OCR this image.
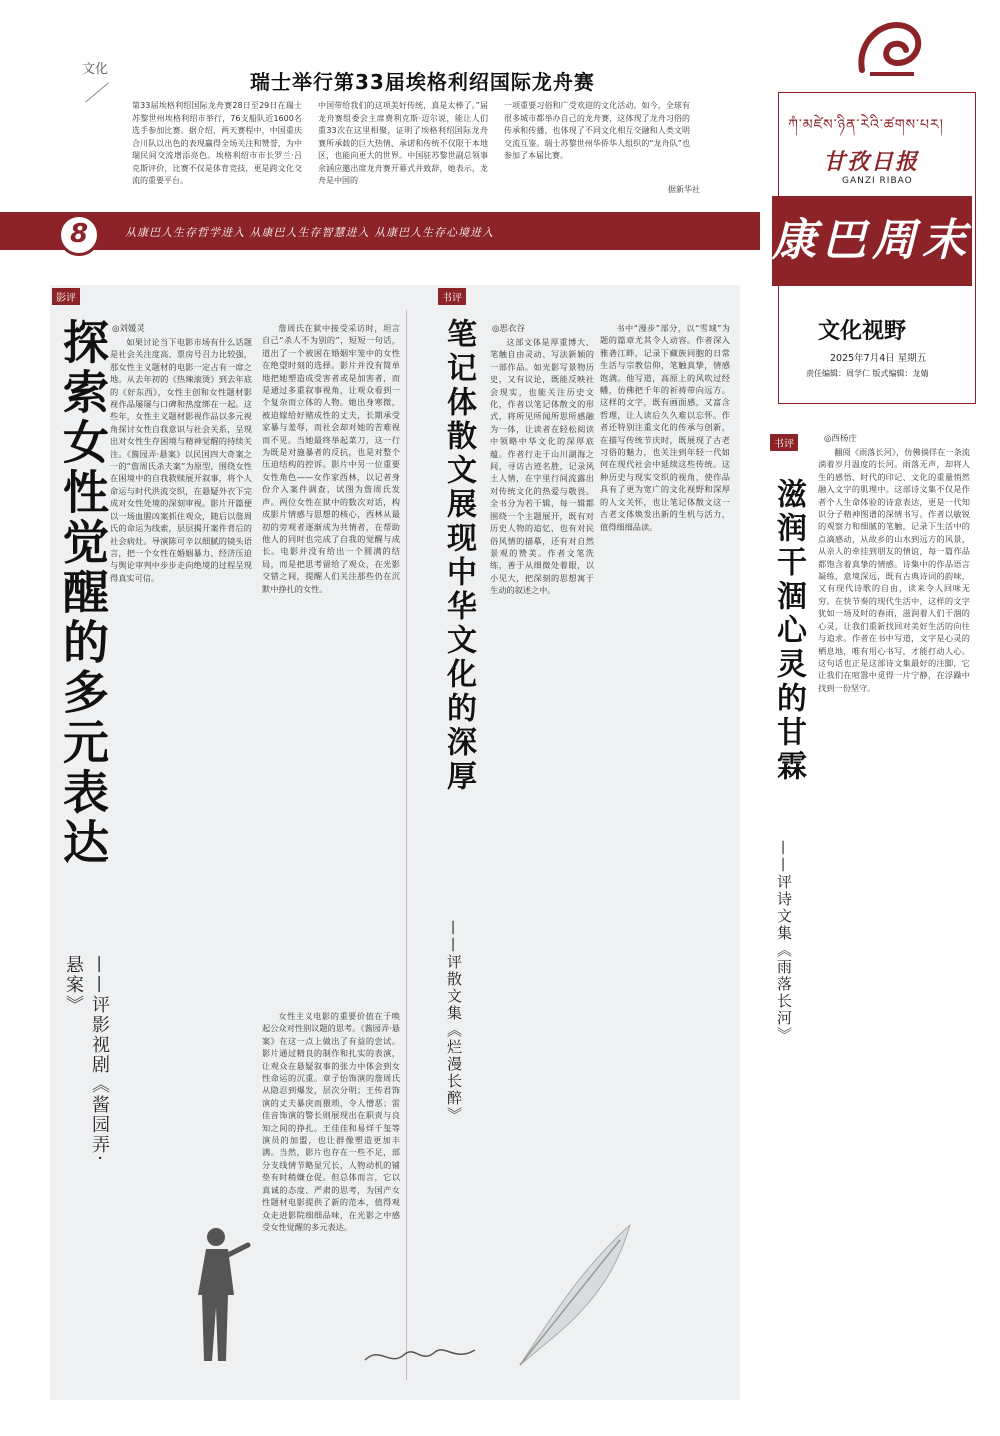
文化
瑞士举行第33届埃格利绍国际龙舟赛
第33届埃格利绍国际龙舟赛28日至29日在瑞士苏黎世州埃格利绍市举行，76支船队近1600名选手参加比赛。据介绍，两天赛程中，中国重庆合川队以出色的表现赢得全场关注和赞誉，为中瑞民间交流增添亮色。埃格利绍市市长罗兰·吕克斯评价，比赛不仅是体育竞技，更是跨文化交流的重要平台。
中国带给我们的这项美好传统，真是太棒了。”届龙舟赛组委会主席费利克斯·迈尔说，能让人们重33次在这里相聚，证明了埃格利绍国际龙舟赛所承载的巨大热情、承诺和传统不仅限于本地区，也能向更大的世界。中国驻苏黎世副总领事余涵应邀出席龙舟赛开幕式并致辞，她表示，龙舟是中国的
一项重要习俗和广受欢迎的文化活动。如今，全球有很多城市都举办自己的龙舟赛，这体现了龙舟习俗的传承和传播，也体现了不同文化相互交融和人类文明交流互鉴。瑞士苏黎世州华侨华人组织的“龙舟队”也参加了本届比赛。
据新华社
ཀཾ་མཛེས་ཉིན་རེའི་ཚགས་པར།
甘孜日报
GANZI RIBAO
康巴周末
文化视野
2025年7月4日 星期五
责任编辑：周学仁 版式编辑：龙婧
8	从康巴人生存哲学进入 从康巴人生存智慧进入 从康巴人生存心境进入
影评
探索女性觉醒的多元表达
——评影视剧《酱园弄·悬案》
◎刘媛灵
如果讨论当下电影市场有什么话题是社会关注度高、票房号召力比较强，那女性主义题材的电影一定占有一席之地。从去年初的《热辣滚烫》到去年底的《好东西》，女性主创和女性题材影视作品屡屡与口碑和热度绑在一起。这些年，女性主义题材影视作品以多元视角探讨女性自我意识与社会关系，呈现出对女性生存困境与精神觉醒的持续关注。《酱园弄·悬案》以民国四大奇案之一的“詹周氏杀夫案”为原型，围绕女性在困境中的自我救赎展开叙事，将个人命运与时代洪流交织，在悬疑外衣下完成对女性处境的深刻审视。影片开篇便以一场血腥凶案抓住观众，随后以詹周氏的命运为线索，层层揭开案件背后的社会病灶。导演陈可辛以细腻的镜头语言，把一个女性在婚姻暴力、经济压迫与舆论审判中步步走向绝境的过程呈现得真实可信。
詹周氏在狱中接受采访时，坦言自己“杀人不为别的”，短短一句话，道出了一个被困在婚姻牢笼中的女性在绝望时刻的选择。影片并没有简单地把她塑造成受害者或是加害者，而是通过多重叙事视角，让观众看到一个复杂而立体的人物。她出身寒微，被迫嫁给好赌成性的丈夫，长期承受家暴与羞辱，而社会却对她的苦难视而不见。当她最终举起菜刀，这一行为既是对施暴者的反抗，也是对整个压迫结构的控诉。影片中另一位重要女性角色——女作家西林，以记者身份介入案件调查，试图为詹周氏发声。两位女性在狱中的数次对话，构成影片情感与思想的核心，西林从最初的旁观者逐渐成为共情者，在帮助他人的同时也完成了自我的觉醒与成长。电影并没有给出一个圆满的结局，而是把思考留给了观众，在光影交错之间，提醒人们关注那些仍在沉默中挣扎的女性。
女性主义电影的重要价值在于唤起公众对性别议题的思考。《酱园弄·悬案》在这一点上做出了有益的尝试。影片通过精良的制作和扎实的表演，让观众在悬疑叙事的张力中体会到女性命运的沉重。章子怡饰演的詹周氏从隐忍到爆发，层次分明；王传君饰演的丈夫暴戾而猥琐，令人憎恶；雷佳音饰演的警长则展现出在职责与良知之间的挣扎。王佳佳和易烊千玺等演员的加盟，也让群像塑造更加丰满。当然，影片也存在一些不足，部分支线情节略显冗长，人物动机的铺垫有时稍嫌仓促。但总体而言，它以真诚的态度、严肃的思考，为国产女性题材电影提供了新的范本，值得观众走进影院细细品味，在光影之中感受女性觉醒的多元表达。
书评
笔记体散文展现中华文化的深厚
——评散文集《烂漫长醉》
◎思衣谷
这部文体是厚重博大、笔触自由灵动、写法新颖的一部作品。如光影写景物历史，又有议论，既能反映社会现实，也能关注历史文化，作者以笔记体散文的形式，将所见所闻所思所感融为一体，让读者在轻松阅读中领略中华文化的深厚底蕴。作者行走于山川湖海之间，寻访古迹名胜，记录风土人情，在字里行间流露出对传统文化的热爱与敬畏。全书分为若干辑，每一辑都围绕一个主题展开，既有对历史人物的追忆，也有对民俗风情的描摹，还有对自然景观的赞美。作者文笔洗练，善于从细微处着眼，以小见大，把深刻的思想寓于生动的叙述之中。
书中“漫步”部分，以“雪域”为题的篇章尤其令人动容。作者深入雅砻江畔，记录下藏族同胞的日常生活与宗教信仰，笔触真挚，情感饱满。他写道，高原上的风吹过经幡，仿佛把千年的祈祷带向远方。这样的文字，既有画面感，又富含哲理，让人读后久久难以忘怀。作者还特别注重文化的传承与创新，在描写传统节庆时，既展现了古老习俗的魅力，也关注到年轻一代如何在现代社会中延续这些传统。这种历史与现实交织的视角，使作品具有了更为宽广的文化视野和深厚的人文关怀，也让笔记体散文这一古老文体焕发出新的生机与活力，值得细细品读。
书评
滋润干涸心灵的甘霖
——评诗文集《雨落长河》
◎西杨庄
翻阅《雨落长河》，仿佛徜徉在一条流淌着岁月温度的长河。雨落无声，却将人生的感悟、时代的印记、文化的重量悄然融入文字的肌理中。这部诗文集不仅是作者个人生命体验的诗意表达，更是一代知识分子精神图谱的深情书写。作者以敏锐的观察力和细腻的笔触，记录下生活中的点滴感动，从故乡的山水到远方的风景，从亲人的牵挂到朋友的情谊，每一篇作品都饱含着真挚的情感。诗集中的作品语言凝练，意境深远，既有古典诗词的韵味，又有现代诗歌的自由，读来令人回味无穷。在快节奏的现代生活中，这样的文字犹如一场及时的春雨，滋润着人们干涸的心灵，让我们重新找回对美好生活的向往与追求。作者在书中写道，文字是心灵的栖息地，唯有用心书写，才能打动人心。这句话也正是这部诗文集最好的注脚，它让我们在喧嚣中觅得一片宁静，在浮躁中找到一份坚守。
